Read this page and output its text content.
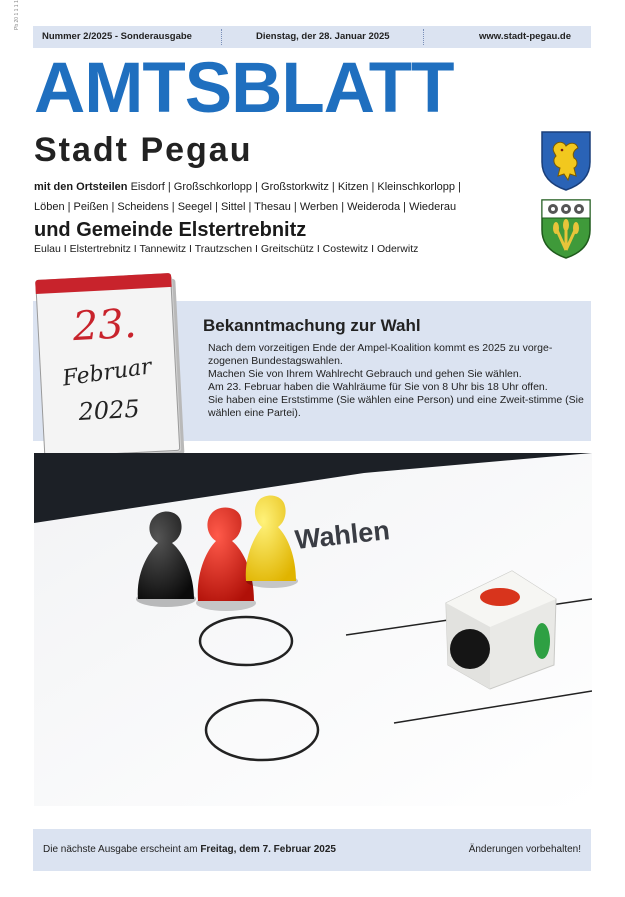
Pb 20 1 1 1 1
Nummer 2/2025 - Sonderausgabe	Dienstag, der 28. Januar 2025	www.stadt-pegau.de
AMTSBLATT
Stadt Pegau
mit den Ortsteilen Eisdorf | Großschkorlopp | Großstorkwitz | Kitzen | Kleinschkorlopp |
Löben | Peißen | Scheidens | Seegel | Sittel | Thesau | Werben | Weideroda | Wiederau
und Gemeinde Elstertrebnitz
Eulau I Elstertrebnitz I Tannewitz I Trautzschen I Greitschütz I Costewitz I Oderwitz
23.
Februar
2025
Bekanntmachung zur Wahl

Nach dem vorzeitigen Ende der Ampel-Koalition kommt es 2025 zu vorge-zogenen Bundestagswahlen.

Machen Sie von Ihrem Wahlrecht Gebrauch und gehen Sie wählen.

Am 23. Februar haben die Wahlräume für Sie von 8 Uhr bis 18 Uhr offen.

Sie haben eine Erststimme (Sie wählen eine Person) und eine Zweit-stimme (Sie wählen eine Partei).

Wahlen
Die nächste Ausgabe erscheint am Freitag, dem 7. Februar 2025	Änderungen vorbehalten!
